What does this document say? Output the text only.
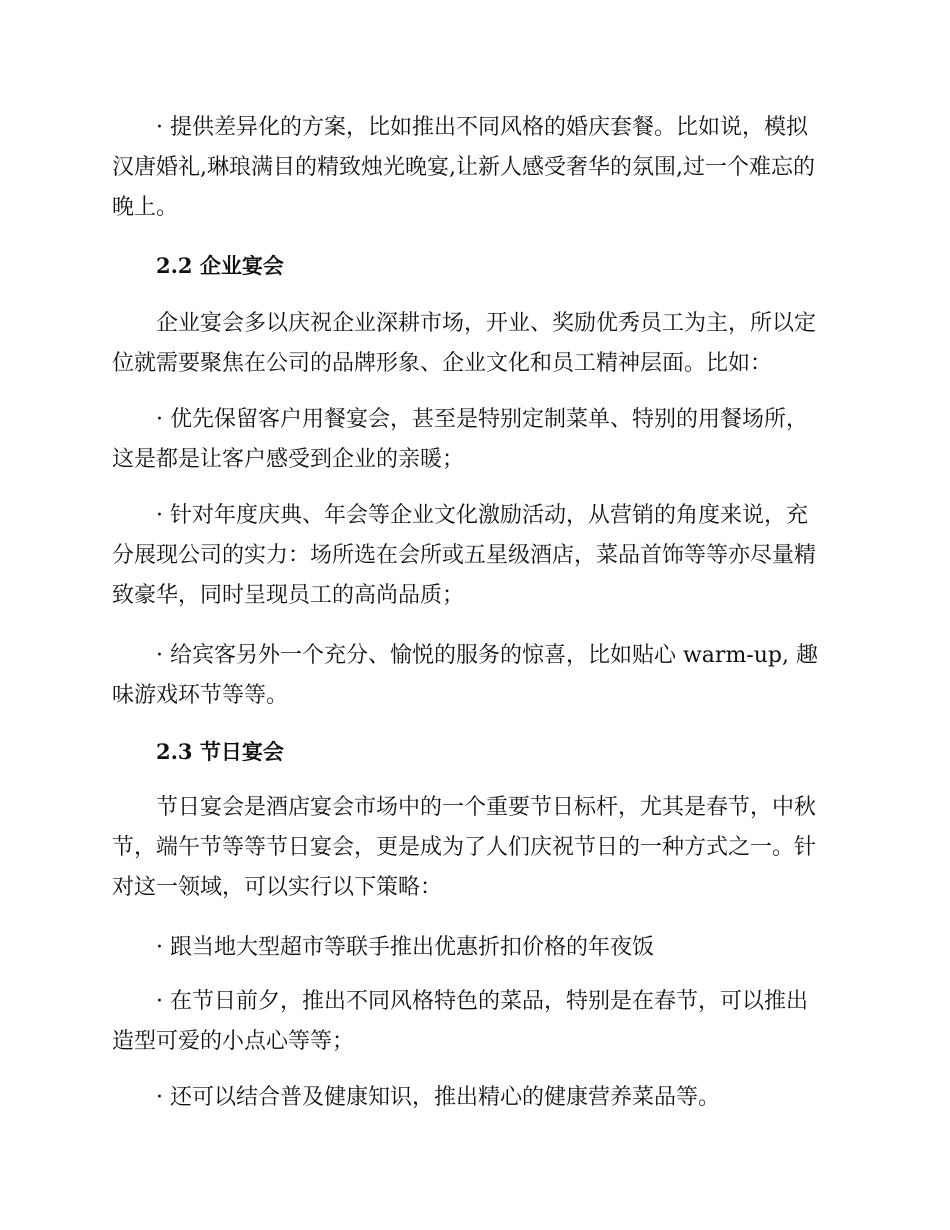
· 提供差异化的方案，比如推出不同风格的婚庆套餐。比如说，模拟汉唐婚礼,琳琅满目的精致烛光晚宴,让新人感受奢华的氛围,过一个难忘的晚上。

2.2 企业宴会

企业宴会多以庆祝企业深耕市场，开业、奖励优秀员工为主，所以定位就需要聚焦在公司的品牌形象、企业文化和员工精神层面。比如：

· 优先保留客户用餐宴会，甚至是特别定制菜单、特别的用餐场所，这是都是让客户感受到企业的亲暖；

· 针对年度庆典、年会等企业文化激励活动，从营销的角度来说，充分展现公司的实力：场所选在会所或五星级酒店，菜品首饰等等亦尽量精致豪华，同时呈现员工的高尚品质；

· 给宾客另外一个充分、愉悦的服务的惊喜，比如贴心 warm-up, 趣味游戏环节等等。

2.3 节日宴会

节日宴会是酒店宴会市场中的一个重要节日标杆，尤其是春节，中秋节，端午节等等节日宴会，更是成为了人们庆祝节日的一种方式之一。针对这一领域，可以实行以下策略：

· 跟当地大型超市等联手推出优惠折扣价格的年夜饭

· 在节日前夕，推出不同风格特色的菜品，特别是在春节，可以推出造型可爱的小点心等等；

· 还可以结合普及健康知识，推出精心的健康营养菜品等。
